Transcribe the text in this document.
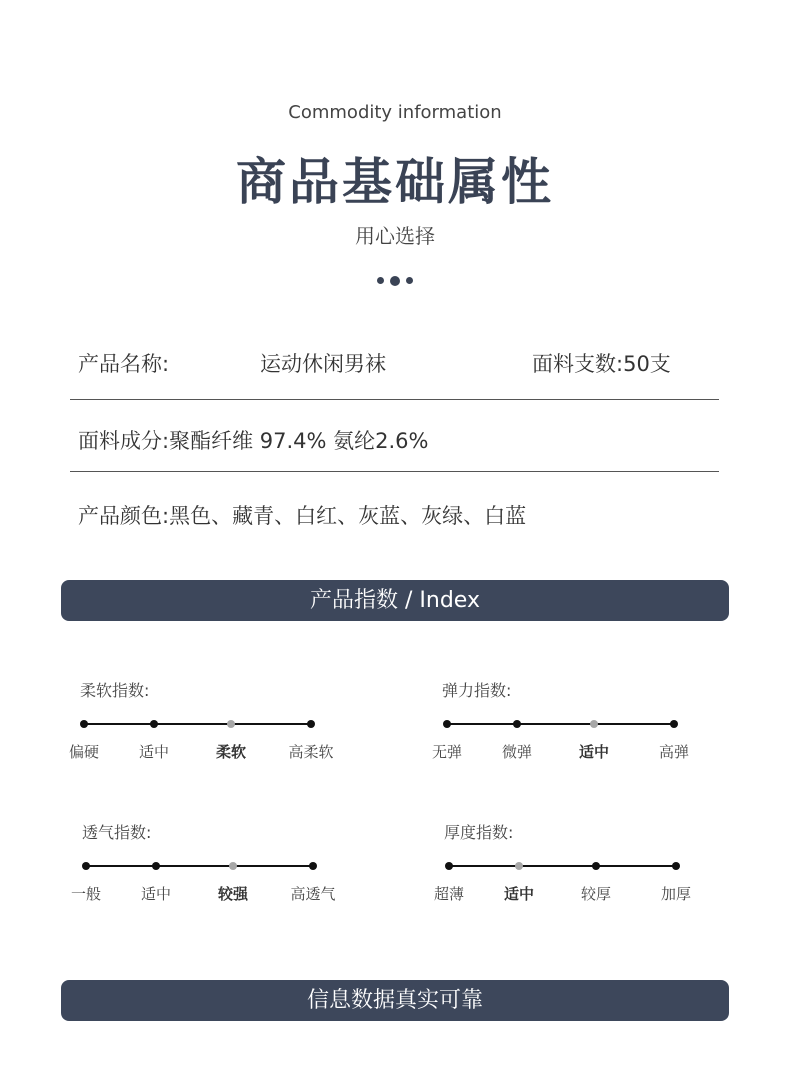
Commodity information
商品基础属性
用心选择
产品名称:	运动休闲男袜	面料支数:50支
面料成分:聚酯纤维 97.4% 氨纶2.6%
产品颜色:黑色、藏青、白红、灰蓝、灰绿、白蓝
产品指数 / Index
柔软指数:
偏硬	适中	柔软	高柔软
弹力指数:
无弹	微弹	适中	高弹
透气指数:
一般	适中	较强	高透气
厚度指数:
超薄	适中	较厚	加厚
信息数据真实可靠
